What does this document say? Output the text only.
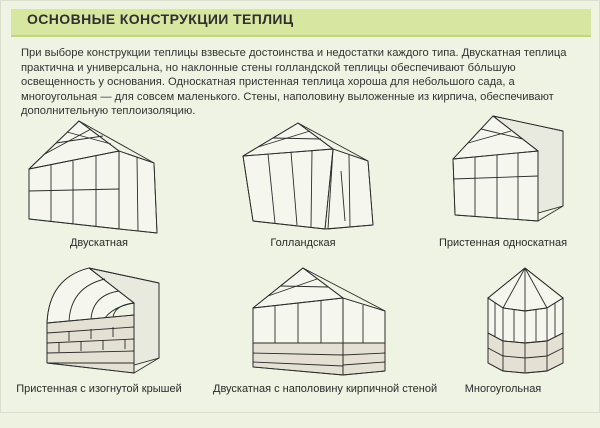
ОСНОВНЫЕ КОНСТРУКЦИИ ТЕПЛИЦ
При выборе конструкции теплицы взвесьте достоинства и недостатки каждого типа. Двускатная теплица практична и универсальна, но наклонные стены голландской теплицы обеспечивают бо́льшую освещенность у основания. Односкатная пристенная теплица хороша для небольшого сада, а многоугольная — для совсем маленького. Стены, наполовину выложенные из кирпича, обеспечивают дополнительную теплоизоляцию.
Двускатная	Голландская	Пристенная односкатная
Пристенная с изогнутой крышей	Двускатная с наполовину кирпичной стеной	Многоугольная
